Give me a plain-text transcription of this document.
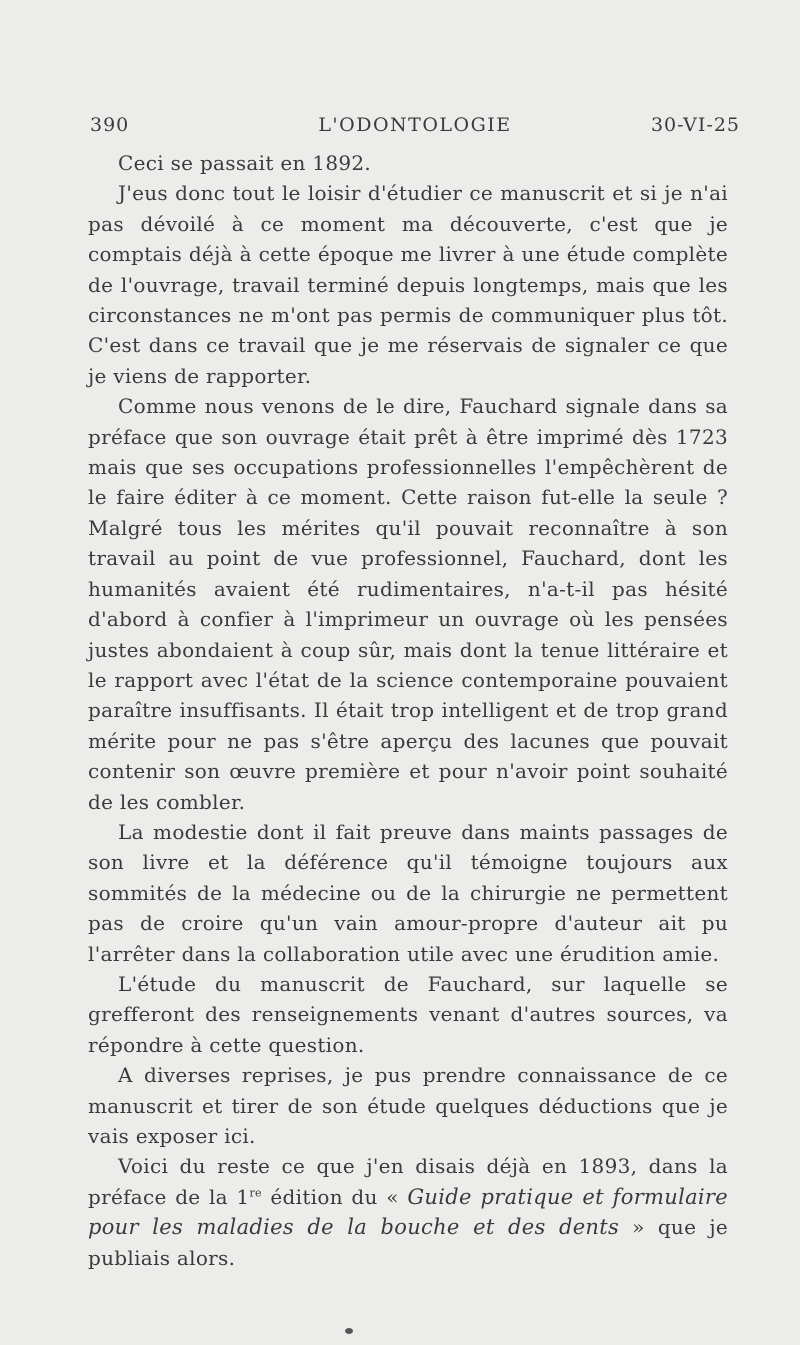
390	L'ODONTOLOGIE	30-VI-25

Ceci se passait en 1892.

J'eus donc tout le loisir d'étudier ce manuscrit et si je n'ai pas dévoilé à ce moment ma découverte, c'est que je comptais déjà à cette époque me livrer à une étude complète de l'ouvrage, travail terminé depuis longtemps, mais que les circonstances ne m'ont pas permis de communiquer plus tôt. C'est dans ce travail que je me réservais de signaler ce que je viens de rapporter.

Comme nous venons de le dire, Fauchard signale dans sa préface que son ouvrage était prêt à être imprimé dès 1723 mais que ses occupations professionnelles l'empêchèrent de le faire éditer à ce moment. Cette raison fut-elle la seule ? Malgré tous les mérites qu'il pouvait reconnaître à son travail au point de vue professionnel, Fauchard, dont les humanités avaient été rudimentaires, n'a-t-il pas hésité d'abord à confier à l'imprimeur un ouvrage où les pensées justes abondaient à coup sûr, mais dont la tenue littéraire et le rapport avec l'état de la science contemporaine pouvaient paraître insuffisants. Il était trop intelligent et de trop grand mérite pour ne pas s'être aperçu des lacunes que pouvait contenir son œuvre première et pour n'avoir point souhaité de les combler.

La modestie dont il fait preuve dans maints passages de son livre et la déférence qu'il témoigne toujours aux sommités de la médecine ou de la chirurgie ne permettent pas de croire qu'un vain amour-propre d'auteur ait pu l'arrêter dans la collaboration utile avec une érudition amie.

L'étude du manuscrit de Fauchard, sur laquelle se grefferont des renseignements venant d'autres sources, va répondre à cette question.

A diverses reprises, je pus prendre connaissance de ce manuscrit et tirer de son étude quelques déductions que je vais exposer ici.

Voici du reste ce que j'en disais déjà en 1893, dans la préface de la 1re édition du « Guide pratique et formulaire pour les maladies de la bouche et des dents » que je publiais alors.
